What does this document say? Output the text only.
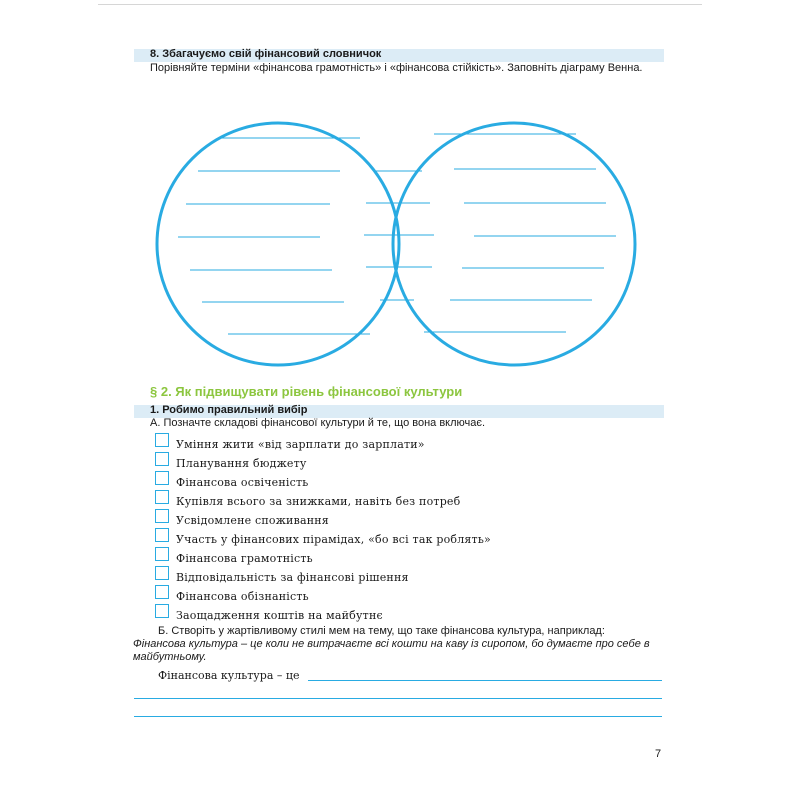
8. Збагачуємо свій фінансовий словничок
Порівняйте терміни «фінансова грамотність» і «фінансова стійкість». Заповніть діаграму Венна.
§ 2. Як підвищувати рівень фінансової культури
1. Робимо правильний вибір
А. Позначте складові фінансової культури й те, що вона включає.
Уміння жити «від зарплати до зарплати»
Планування бюджету
Фінансова освіченість
Купівля всього за знижками, навіть без потреб
Усвідомлене споживання
Участь у фінансових пірамідах, «бо всі так роблять»
Фінансова грамотність
Відповідальність за фінансові рішення
Фінансова обізнаність
Заощадження коштів на майбутнє
Б. Створіть у жартівливому стилі мем на тему, що таке фінансова культура, наприклад:
Фінансова культура – це коли не витрачаєте всі кошти на каву із сиропом, бо думаєте про себе в майбутньому.
Фінансова культура – це
7
